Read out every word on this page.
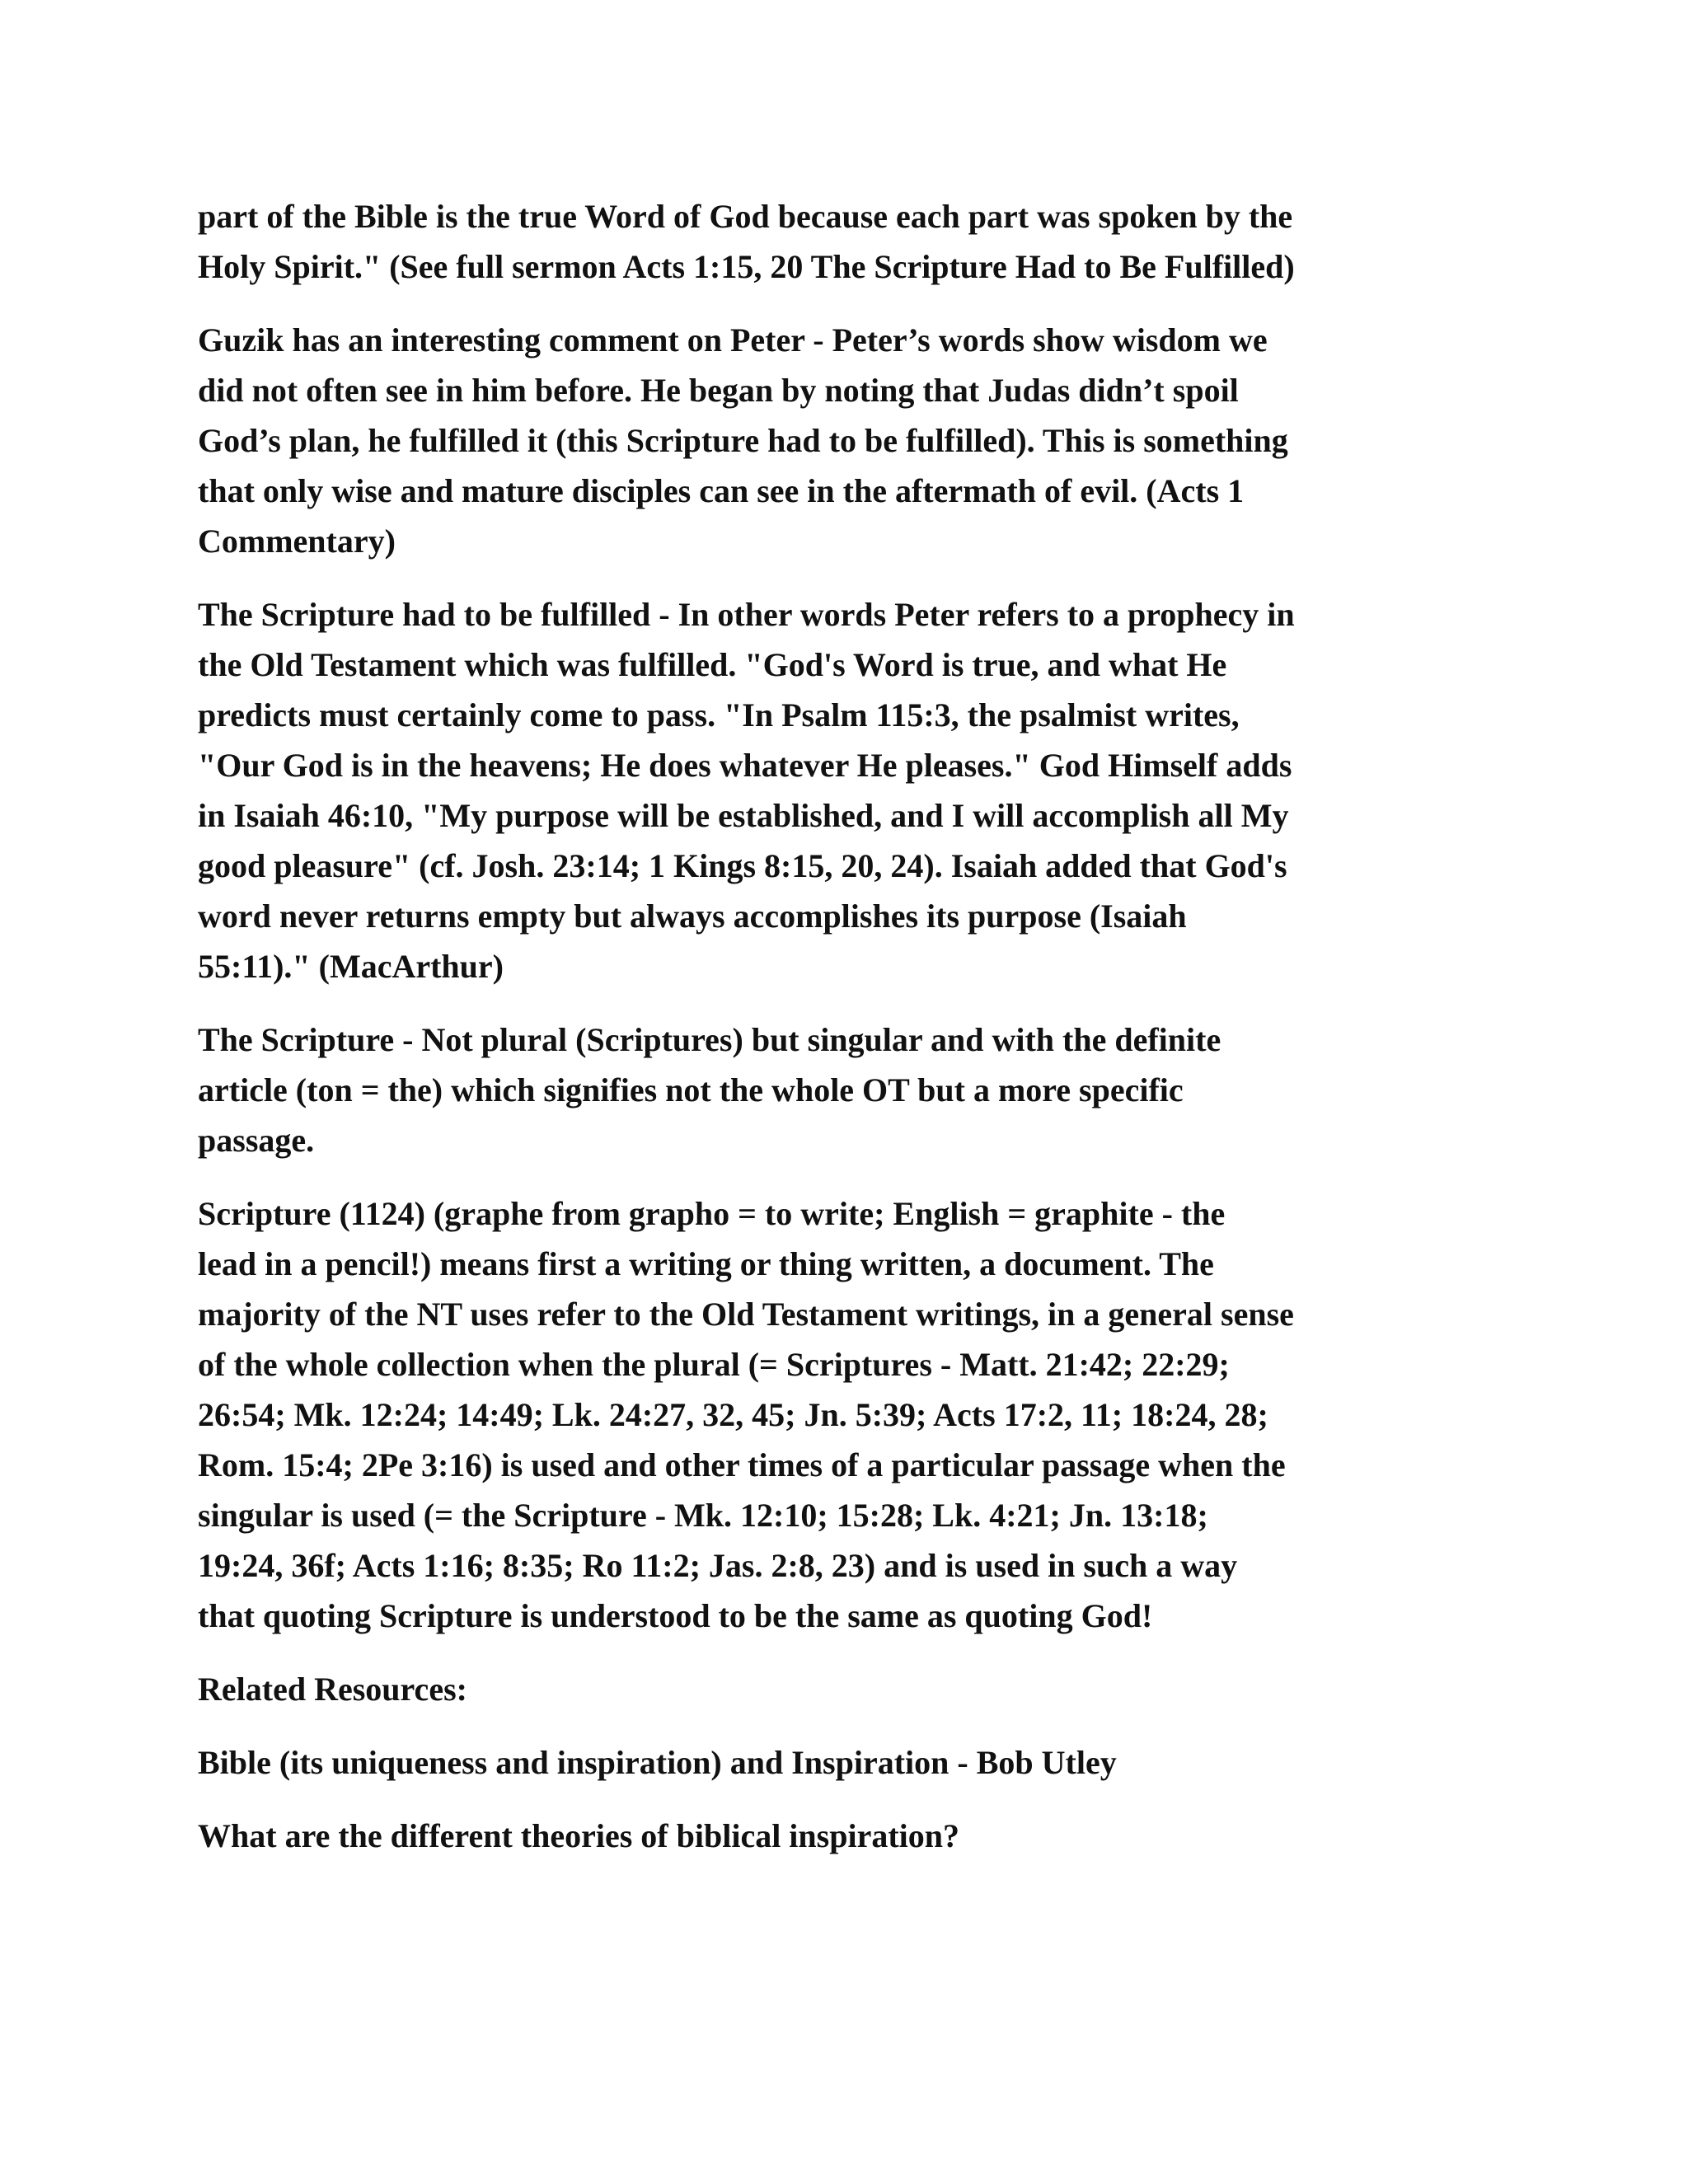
part of the Bible is the true Word of God because each part was spoken by the
Holy Spirit." (See full sermon Acts 1:15, 20 The Scripture Had to Be Fulfilled)

Guzik has an interesting comment on Peter - Peter’s words show wisdom we
did not often see in him before. He began by noting that Judas didn’t spoil
God’s plan, he fulfilled it (this Scripture had to be fulfilled). This is something
that only wise and mature disciples can see in the aftermath of evil. (Acts 1
Commentary)

The Scripture had to be fulfilled - In other words Peter refers to a prophecy in
the Old Testament which was fulfilled. "God's Word is true, and what He
predicts must certainly come to pass. "In Psalm 115:3, the psalmist writes,
"Our God is in the heavens; He does whatever He pleases." God Himself adds
in Isaiah 46:10, "My purpose will be established, and I will accomplish all My
good pleasure" (cf. Josh. 23:14; 1 Kings 8:15, 20, 24). Isaiah added that God's
word never returns empty but always accomplishes its purpose (Isaiah
55:11)." (MacArthur)

The Scripture - Not plural (Scriptures) but singular and with the definite
article (ton = the) which signifies not the whole OT but a more specific
passage.

Scripture (1124) (graphe from grapho = to write; English = graphite - the
lead in a pencil!) means first a writing or thing written, a document. The
majority of the NT uses refer to the Old Testament writings, in a general sense
of the whole collection when the plural (= Scriptures - Matt. 21:42; 22:29;
26:54; Mk. 12:24; 14:49; Lk. 24:27, 32, 45; Jn. 5:39; Acts 17:2, 11; 18:24, 28;
Rom. 15:4; 2Pe 3:16) is used and other times of a particular passage when the
singular is used (= the Scripture - Mk. 12:10; 15:28; Lk. 4:21; Jn. 13:18;
19:24, 36f; Acts 1:16; 8:35; Ro 11:2; Jas. 2:8, 23) and is used in such a way
that quoting Scripture is understood to be the same as quoting God!

Related Resources:

Bible (its uniqueness and inspiration) and Inspiration - Bob Utley

What are the different theories of biblical inspiration?
